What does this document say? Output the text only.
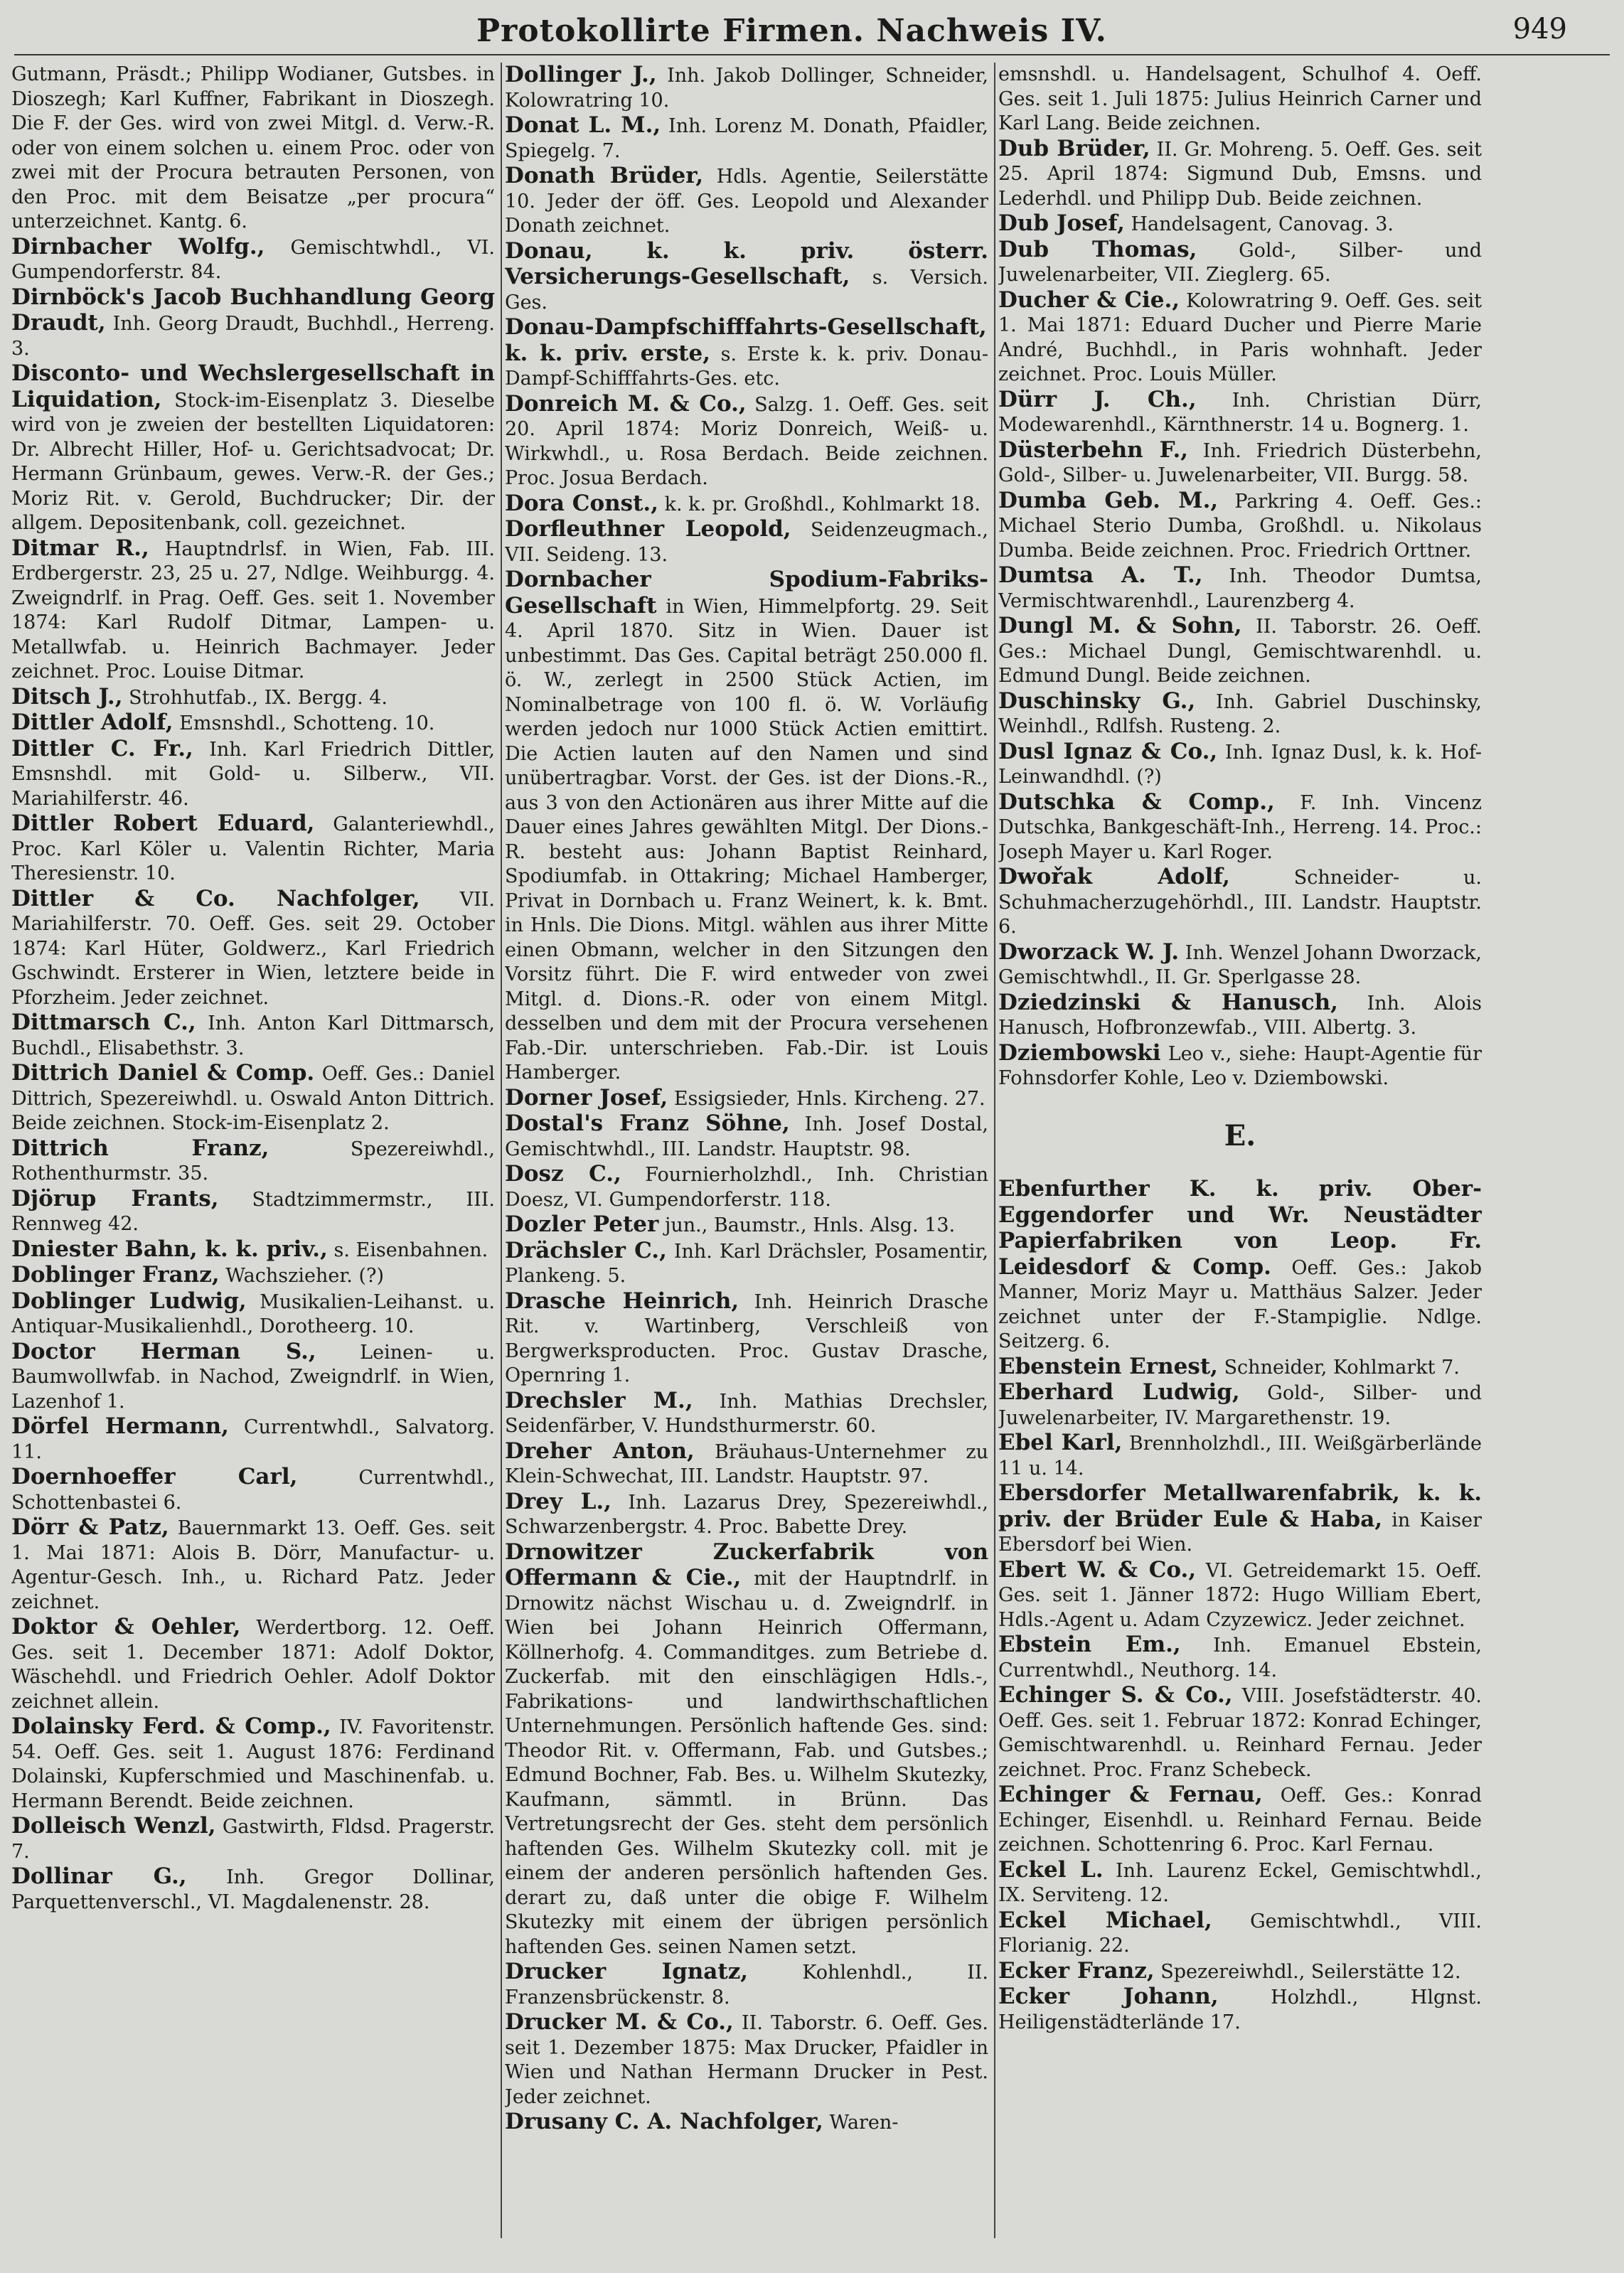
Protokollirte Firmen. Nachweis IV.	949

Gutmann, Präsdt.; Philipp Wodianer, Gutsbes. in Dioszegh; Karl Kuffner, Fabrikant in Dioszegh. Die F. der Ges. wird von zwei Mitgl. d. Verw.-R. oder von einem solchen u. einem Proc. oder von zwei mit der Procura betrauten Personen, von den Proc. mit dem Beisatze „per procura“ unterzeichnet. Kantg. 6.

Dirnbacher Wolfg., Gemischtwhdl., VI. Gumpendorferstr. 84.

Dirnböck's Jacob Buchhandlung Georg Draudt, Inh. Georg Draudt, Buchhdl., Herreng. 3.

Disconto- und Wechslergesellschaft in Liquidation, Stock-im-Eisenplatz 3. Dieselbe wird von je zweien der bestellten Liquidatoren: Dr. Albrecht Hiller, Hof- u. Gerichtsadvocat; Dr. Hermann Grünbaum, gewes. Verw.-R. der Ges.; Moriz Rit. v. Gerold, Buchdrucker; Dir. der allgem. Depositenbank, coll. gezeichnet.

Ditmar R., Hauptndrlsf. in Wien, Fab. III. Erdbergerstr. 23, 25 u. 27, Ndlge. Weihburgg. 4. Zweigndrlf. in Prag. Oeff. Ges. seit 1. November 1874: Karl Rudolf Ditmar, Lampen- u. Metallwfab. u. Heinrich Bachmayer. Jeder zeichnet. Proc. Louise Ditmar.

Ditsch J., Strohhutfab., IX. Bergg. 4.

Dittler Adolf, Emsnshdl., Schotteng. 10.

Dittler C. Fr., Inh. Karl Friedrich Dittler, Emsnshdl. mit Gold- u. Silberw., VII. Mariahilferstr. 46.

Dittler Robert Eduard, Galanteriewhdl., Proc. Karl Köler u. Valentin Richter, Maria Theresienstr. 10.

Dittler & Co. Nachfolger, VII. Mariahilferstr. 70. Oeff. Ges. seit 29. October 1874: Karl Hüter, Goldwerz., Karl Friedrich Gschwindt. Ersterer in Wien, letztere beide in Pforzheim. Jeder zeichnet.

Dittmarsch C., Inh. Anton Karl Dittmarsch, Buchdl., Elisabethstr. 3.

Dittrich Daniel & Comp. Oeff. Ges.: Daniel Dittrich, Spezereiwhdl. u. Oswald Anton Dittrich. Beide zeichnen. Stock-im-Eisenplatz 2.

Dittrich Franz,	Spezereiwhdl., Rothenthurmstr. 35.

Djörup Frants, Stadtzimmermstr., III. Rennweg 42.

Dniester Bahn, k. k. priv., s. Eisenbahnen.

Doblinger Franz, Wachszieher. (?)

Doblinger Ludwig, Musikalien-Leihanst. u. Antiquar-Musikalienhdl., Dorotheerg. 10.

Doctor Herman S., Leinen- u. Baumwollwfab. in Nachod, Zweigndrlf. in Wien, Lazenhof 1.

Dörfel Hermann, Currentwhdl., Salvatorg. 11.

Doernhoeffer Carl,	Currentwhdl., Schottenbastei 6.

Dörr & Patz, Bauernmarkt 13. Oeff. Ges. seit 1. Mai 1871: Alois B. Dörr, Manufactur- u. Agentur-Gesch. Inh., u. Richard Patz. Jeder zeichnet.

Doktor & Oehler, Werdertborg. 12. Oeff. Ges. seit 1. December 1871: Adolf Doktor, Wäschehdl. und Friedrich Oehler. Adolf Doktor zeichnet allein.

Dolainsky Ferd. & Comp., IV. Favoritenstr. 54. Oeff. Ges. seit 1. August 1876: Ferdinand Dolainski, Kupferschmied und Maschinenfab. u. Hermann Berendt. Beide zeichnen.

Dolleisch Wenzl, Gastwirth, Fldsd. Pragerstr. 7.

Dollinar G., Inh. Gregor Dollinar, Parquettenverschl., VI. Magdalenenstr. 28.

Dollinger J., Inh. Jakob Dollinger, Schneider, Kolowratring 10.

Donat L. M., Inh. Lorenz M. Donath, Pfaidler, Spiegelg. 7.

Donath Brüder, Hdls. Agentie, Seilerstätte 10. Jeder der öff. Ges. Leopold und Alexander Donath zeichnet.

Donau, k. k. priv. österr. Versicherungs-Gesellschaft, s. Versich. Ges.

Donau-Dampfschifffahrts-Gesellschaft, k. k. priv. erste, s. Erste k. k. priv. Donau-Dampf-Schifffahrts-Ges. etc.

Donreich M. & Co., Salzg. 1. Oeff. Ges. seit 20. April 1874: Moriz Donreich, Weiß- u. Wirkwhdl., u. Rosa Berdach. Beide zeichnen. Proc. Josua Berdach.

Dora Const., k. k. pr. Großhdl., Kohlmarkt 18.

Dorfleuthner Leopold, Seidenzeugmach., VII. Seideng. 13.

Dornbacher Spodium-Fabriks-Gesellschaft in Wien, Himmelpfortg. 29. Seit 4. April 1870. Sitz in Wien. Dauer ist unbestimmt. Das Ges. Capital beträgt 250.000 fl. ö. W., zerlegt in 2500 Stück Actien, im Nominalbetrage von 100 fl. ö. W. Vorläufig werden jedoch nur 1000 Stück Actien emittirt. Die Actien lauten auf den Namen und sind unübertragbar. Vorst. der Ges. ist der Dions.-R., aus 3 von den Actionären aus ihrer Mitte auf die Dauer eines Jahres gewählten Mitgl. Der Dions.-R. besteht aus: Johann Baptist Reinhard, Spodiumfab. in Ottakring; Michael Hamberger, Privat in Dornbach u. Franz Weinert, k. k. Bmt. in Hnls. Die Dions. Mitgl. wählen aus ihrer Mitte einen Obmann, welcher in den Sitzungen den Vorsitz führt. Die F. wird entweder von zwei Mitgl. d. Dions.-R. oder von einem Mitgl. desselben und dem mit der Procura versehenen Fab.-Dir. unterschrieben. Fab.-Dir. ist Louis Hamberger.

Dorner Josef, Essigsieder, Hnls. Kircheng. 27.

Dostal's Franz Söhne, Inh. Josef Dostal, Gemischtwhdl., III. Landstr. Hauptstr. 98.

Dosz C., Fournierholzhdl., Inh. Christian Doesz, VI. Gumpendorferstr. 118.

Dozler Peter jun., Baumstr., Hnls. Alsg. 13.

Drächsler C., Inh. Karl Drächsler, Posamentir, Plankeng. 5.

Drasche Heinrich, Inh. Heinrich Drasche Rit. v. Wartinberg, Verschleiß von Bergwerksproducten. Proc. Gustav Drasche, Opernring 1.

Drechsler M., Inh. Mathias Drechsler, Seidenfärber, V. Hundsthurmerstr. 60.

Dreher Anton, Bräuhaus-Unternehmer zu Klein-Schwechat, III. Landstr. Hauptstr. 97.

Drey L., Inh. Lazarus Drey, Spezereiwhdl., Schwarzenbergstr. 4. Proc. Babette Drey.

Drnowitzer Zuckerfabrik von Offermann & Cie., mit der Hauptndrlf. in Drnowitz nächst Wischau u. d. Zweigndrlf. in Wien bei Johann Heinrich Offermann, Köllnerhofg. 4. Commanditges. zum Betriebe d. Zuckerfab. mit den einschlägigen Hdls.-, Fabrikations- und landwirthschaftlichen Unternehmungen. Persönlich haftende Ges. sind: Theodor Rit. v. Offermann, Fab. und Gutsbes.; Edmund Bochner, Fab. Bes. u. Wilhelm Skutezky, Kaufmann, sämmtl. in Brünn. Das Vertretungsrecht der Ges. steht dem persönlich haftenden Ges. Wilhelm Skutezky coll. mit je einem der anderen persönlich haftenden Ges. derart zu, daß unter die obige F. Wilhelm Skutezky mit einem der übrigen persönlich haftenden Ges. seinen Namen setzt.

Drucker Ignatz,	Kohlenhdl., II. Franzensbrückenstr. 8.

Drucker M. & Co., II. Taborstr. 6. Oeff. Ges. seit 1. Dezember 1875: Max Drucker, Pfaidler in Wien und Nathan Hermann Drucker in Pest. Jeder zeichnet.

Drusany C. A. Nachfolger, Waren-

emsnshdl. u. Handelsagent, Schulhof 4. Oeff. Ges. seit 1. Juli 1875: Julius Heinrich Carner und Karl Lang. Beide zeichnen.

Dub Brüder, II. Gr. Mohreng. 5. Oeff. Ges. seit 25. April 1874: Sigmund Dub, Emsns. und Lederhdl. und Philipp Dub. Beide zeichnen.

Dub Josef, Handelsagent, Canovag. 3.

Dub Thomas, Gold-, Silber- und Juwelenarbeiter, VII. Zieglerg. 65.

Ducher & Cie., Kolowratring 9. Oeff. Ges. seit 1. Mai 1871: Eduard Ducher und Pierre Marie André, Buchhdl., in Paris wohnhaft. Jeder zeichnet. Proc. Louis Müller.

Dürr J. Ch., Inh. Christian Dürr, Modewarenhdl., Kärnthnerstr. 14 u. Bognerg. 1.

Düsterbehn F., Inh. Friedrich Düsterbehn, Gold-, Silber- u. Juwelenarbeiter, VII. Burgg. 58.

Dumba Geb. M., Parkring 4. Oeff. Ges.: Michael Sterio Dumba, Großhdl. u. Nikolaus Dumba. Beide zeichnen. Proc. Friedrich Orttner.

Dumtsa A. T., Inh. Theodor Dumtsa, Vermischtwarenhdl., Laurenzberg 4.

Dungl M. & Sohn, II. Taborstr. 26. Oeff. Ges.: Michael Dungl, Gemischtwarenhdl. u. Edmund Dungl. Beide zeichnen.

Duschinsky G., Inh. Gabriel Duschinsky, Weinhdl., Rdlfsh. Rusteng. 2.

Dusl Ignaz & Co., Inh. Ignaz Dusl, k. k. Hof-Leinwandhdl. (?)

Dutschka & Comp., F. Inh. Vincenz Dutschka, Bankgeschäft-Inh., Herreng. 14. Proc.: Joseph Mayer u. Karl Roger.

Dwořak Adolf,	Schneider- u. Schuhmacherzugehörhdl., III. Landstr. Hauptstr. 6.

Dworzack W. J. Inh. Wenzel Johann Dworzack, Gemischtwhdl., II. Gr. Sperlgasse 28.

Dziedzinski & Hanusch, Inh. Alois Hanusch, Hofbronzewfab., VIII. Albertg. 3.

Dziembowski Leo v., siehe: Haupt-Agentie für Fohnsdorfer Kohle, Leo v. Dziembowski.

E.

Ebenfurther K. k. priv. Ober-Eggendorfer und Wr. Neustädter Papierfabriken von Leop. Fr. Leidesdorf & Comp. Oeff. Ges.: Jakob Manner, Moriz Mayr u. Matthäus Salzer. Jeder zeichnet unter der F.-Stampiglie. Ndlge. Seitzerg. 6.

Ebenstein Ernest, Schneider, Kohlmarkt 7.

Eberhard Ludwig, Gold-, Silber- und Juwelenarbeiter, IV. Margarethenstr. 19.

Ebel Karl, Brennholzhdl., III. Weißgärberlände 11 u. 14.

Ebersdorfer Metallwarenfabrik, k. k. priv. der Brüder Eule & Haba, in Kaiser Ebersdorf bei Wien.

Ebert W. & Co., VI. Getreidemarkt 15. Oeff. Ges. seit 1. Jänner 1872: Hugo William Ebert, Hdls.-Agent u. Adam Czyzewicz. Jeder zeichnet.

Ebstein Em., Inh. Emanuel Ebstein, Currentwhdl., Neuthorg. 14.

Echinger S. & Co., VIII. Josefstädterstr. 40. Oeff. Ges. seit 1. Februar 1872: Konrad Echinger, Gemischtwarenhdl. u. Reinhard Fernau. Jeder zeichnet. Proc. Franz Schebeck.

Echinger & Fernau, Oeff. Ges.: Konrad Echinger, Eisenhdl. u. Reinhard Fernau. Beide zeichnen. Schottenring 6. Proc. Karl Fernau.

Eckel L. Inh. Laurenz Eckel, Gemischtwhdl., IX. Serviteng. 12.

Eckel Michael, Gemischtwhdl., VIII. Florianig. 22.

Ecker Franz, Spezereiwhdl., Seilerstätte 12.

Ecker Johann,	Holzhdl., Hlgnst. Heiligenstädterlände 17.
